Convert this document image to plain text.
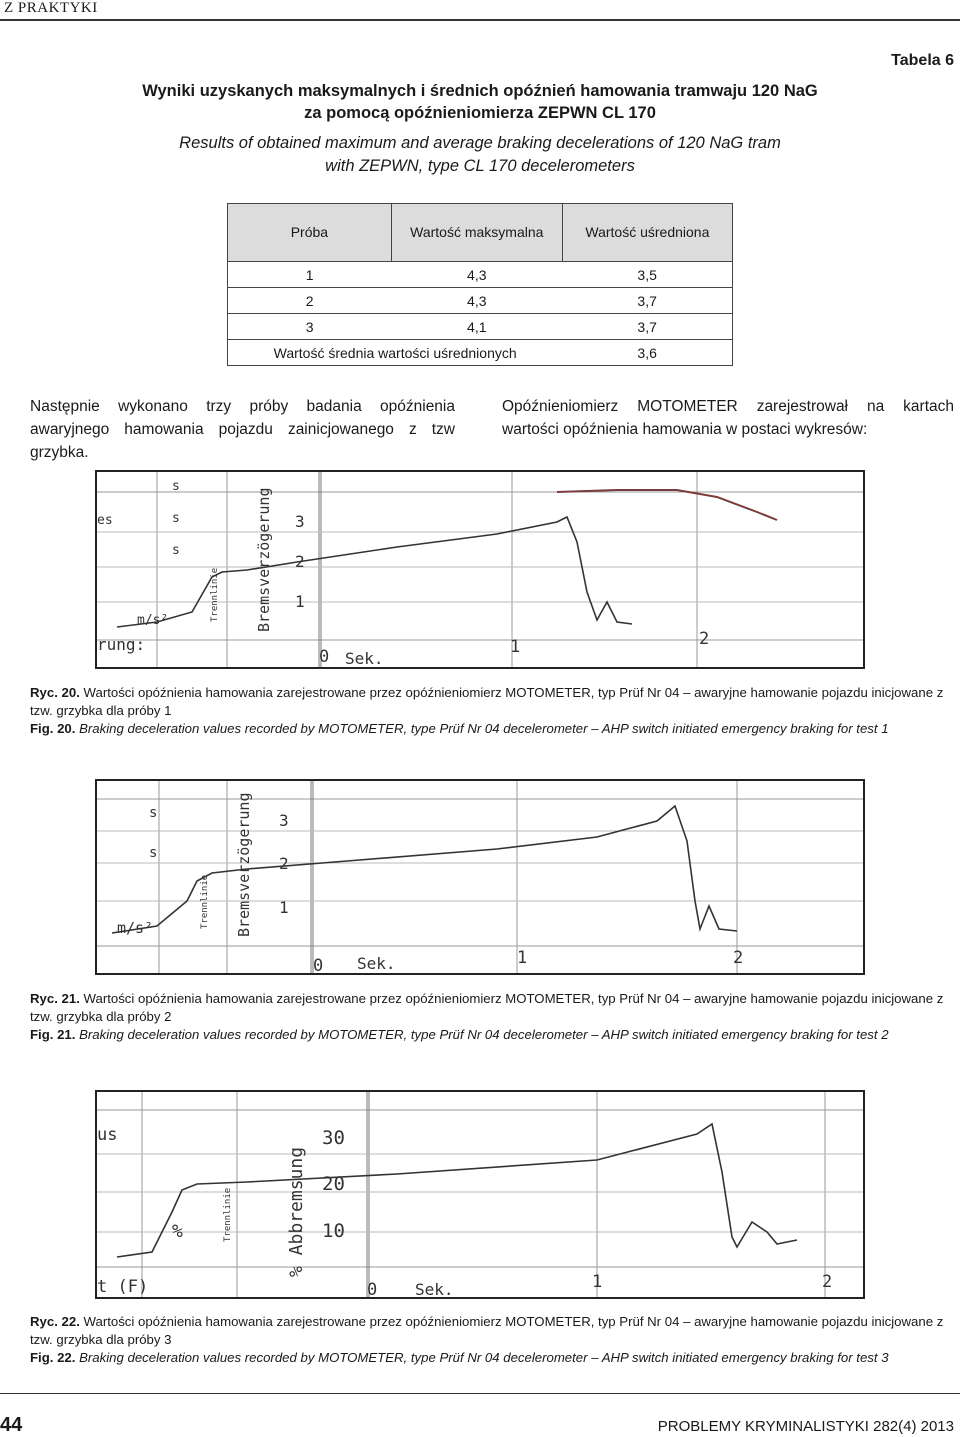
Z PRAKTYKI
Tabela 6
Wyniki uzyskanych maksymalnych i średnich opóźnień hamowania tramwaju 120 NaG
za pomocą opóźnieniomierza ZEPWN CL 170
Results of obtained maximum and average braking decelerations of 120 NaG tram
with ZEPWN, type CL 170 decelerometers
Próba	Wartość maksymalna	Wartość uśredniona
1	4,3	3,5
2	4,3	3,7
3	4,1	3,7
Wartość średnia wartości uśrednionych		3,6
Następnie wykonano trzy próby badania opóźnienia awaryjnego hamowania pojazdu zainicjowanego z tzw grzybka.
Opóźnieniomierz MOTOMETER zarejestrował na kartach wartości opóźnienia hamowania w postaci wykresów:
3
2
1
0	1	2
Sek.
m/s²
rung:
s
s
s
es	Bremsverzögerung
Trennlinie
Ryc. 20. Wartości opóźnienia hamowania zarejestrowane przez opóźnieniomierz MOTOMETER, typ Prüf Nr 04 – awaryjne hamowanie pojazdu inicjowane z tzw. grzybka dla próby 1
Fig. 20. Braking deceleration values recorded by MOTOMETER, type Prüf Nr 04 decelerometer – AHP switch initiated emergency braking for test 1
3
2
1
0	1	2
Sek.
m/s²
s
s	Bremsverzögerung
Trennlinie
Ryc. 21. Wartości opóźnienia hamowania zarejestrowane przez opóźnieniomierz MOTOMETER, typ Prüf Nr 04 – awaryjne hamowanie pojazdu inicjowane z tzw. grzybka dla próby 2
Fig. 21. Braking deceleration values recorded by MOTOMETER, type Prüf Nr 04 decelerometer – AHP switch initiated emergency braking for test 2
30
20
10
0	1	2
Sek.
%
t (F)
us
% Abbremsung
Trennlinie
Ryc. 22. Wartości opóźnienia hamowania zarejestrowane przez opóźnieniomierz MOTOMETER, typ Prüf Nr 04 – awaryjne hamowanie pojazdu inicjowane z tzw. grzybka dla próby 3
Fig. 22. Braking deceleration values recorded by MOTOMETER, type Prüf Nr 04 decelerometer – AHP switch initiated emergency braking for test 3
44	PROBLEMY KRYMINALISTYKI 282(4) 2013
